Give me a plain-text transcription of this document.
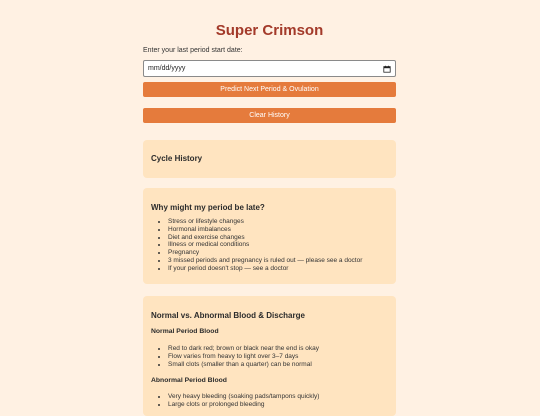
Super Crimson
Enter your last period start date:
mm/dd/yyyy
Predict Next Period & Ovulation
Clear History
Cycle History
Why might my period be late?
• Stress or lifestyle changes
• Hormonal imbalances
• Diet and exercise changes
• Illness or medical conditions
• Pregnancy
• 3 missed periods and pregnancy is ruled out — please see a doctor
• If your period doesn't stop — see a doctor
Normal vs. Abnormal Blood & Discharge
Normal Period Blood
• Red to dark red; brown or black near the end is okay
• Flow varies from heavy to light over 3–7 days
• Small clots (smaller than a quarter) can be normal
Abnormal Period Blood
• Very heavy bleeding (soaking pads/tampons quickly)
• Large clots or prolonged bleeding
